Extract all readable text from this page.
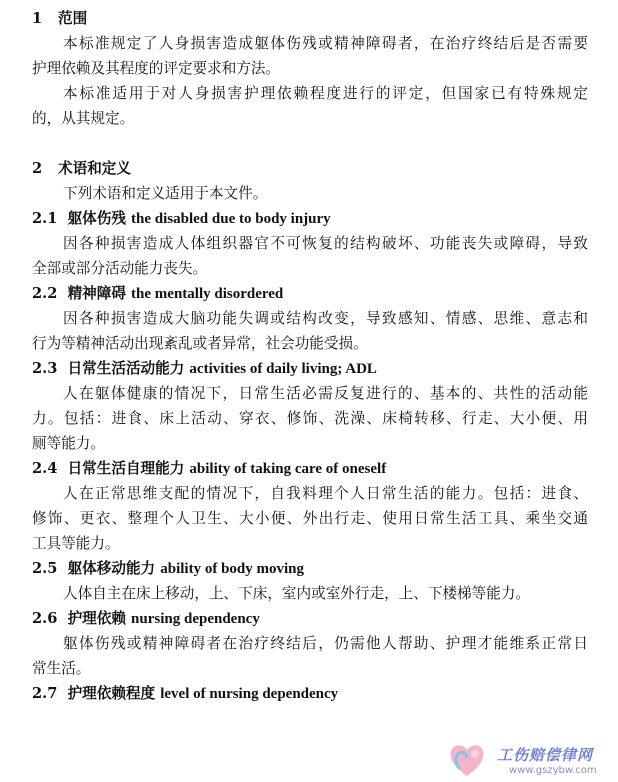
1 范围
本标准规定了人身损害造成躯体伤残或精神障碍者，在治疗终结后是否需要
护理依赖及其程度的评定要求和方法。
本标准适用于对人身损害护理依赖程度进行的评定，但国家已有特殊规定
的，从其规定。
2 术语和定义
下列术语和定义适用于本文件。
2.1 躯体伤残 the disabled due to body injury
因各种损害造成人体组织器官不可恢复的结构破坏、功能丧失或障碍，导致
全部或部分活动能力丧失。
2.2 精神障碍 the mentally disordered
因各种损害造成大脑功能失调或结构改变，导致感知、情感、思维、意志和
行为等精神活动出现紊乱或者异常，社会功能受损。
2.3 日常生活活动能力 activities of daily living; ADL
人在躯体健康的情况下，日常生活必需反复进行的、基本的、共性的活动能
力。包括：进食、床上活动、穿衣、修饰、洗澡、床椅转移、行走、大小便、用
厕等能力。
2.4 日常生活自理能力 ability of taking care of oneself
人在正常思维支配的情况下，自我料理个人日常生活的能力。包括：进食、
修饰、更衣、整理个人卫生、大小便、外出行走、使用日常生活工具、乘坐交通
工具等能力。
2.5 躯体移动能力 ability of body moving
人体自主在床上移动，上、下床，室内或室外行走，上、下楼梯等能力。
2.6 护理依赖 nursing dependency
躯体伤残或精神障碍者在治疗终结后，仍需他人帮助、护理才能维系正常日
常生活。
2.7 护理依赖程度 level of nursing dependency
工伤赔偿律网
www.gszybw.com
